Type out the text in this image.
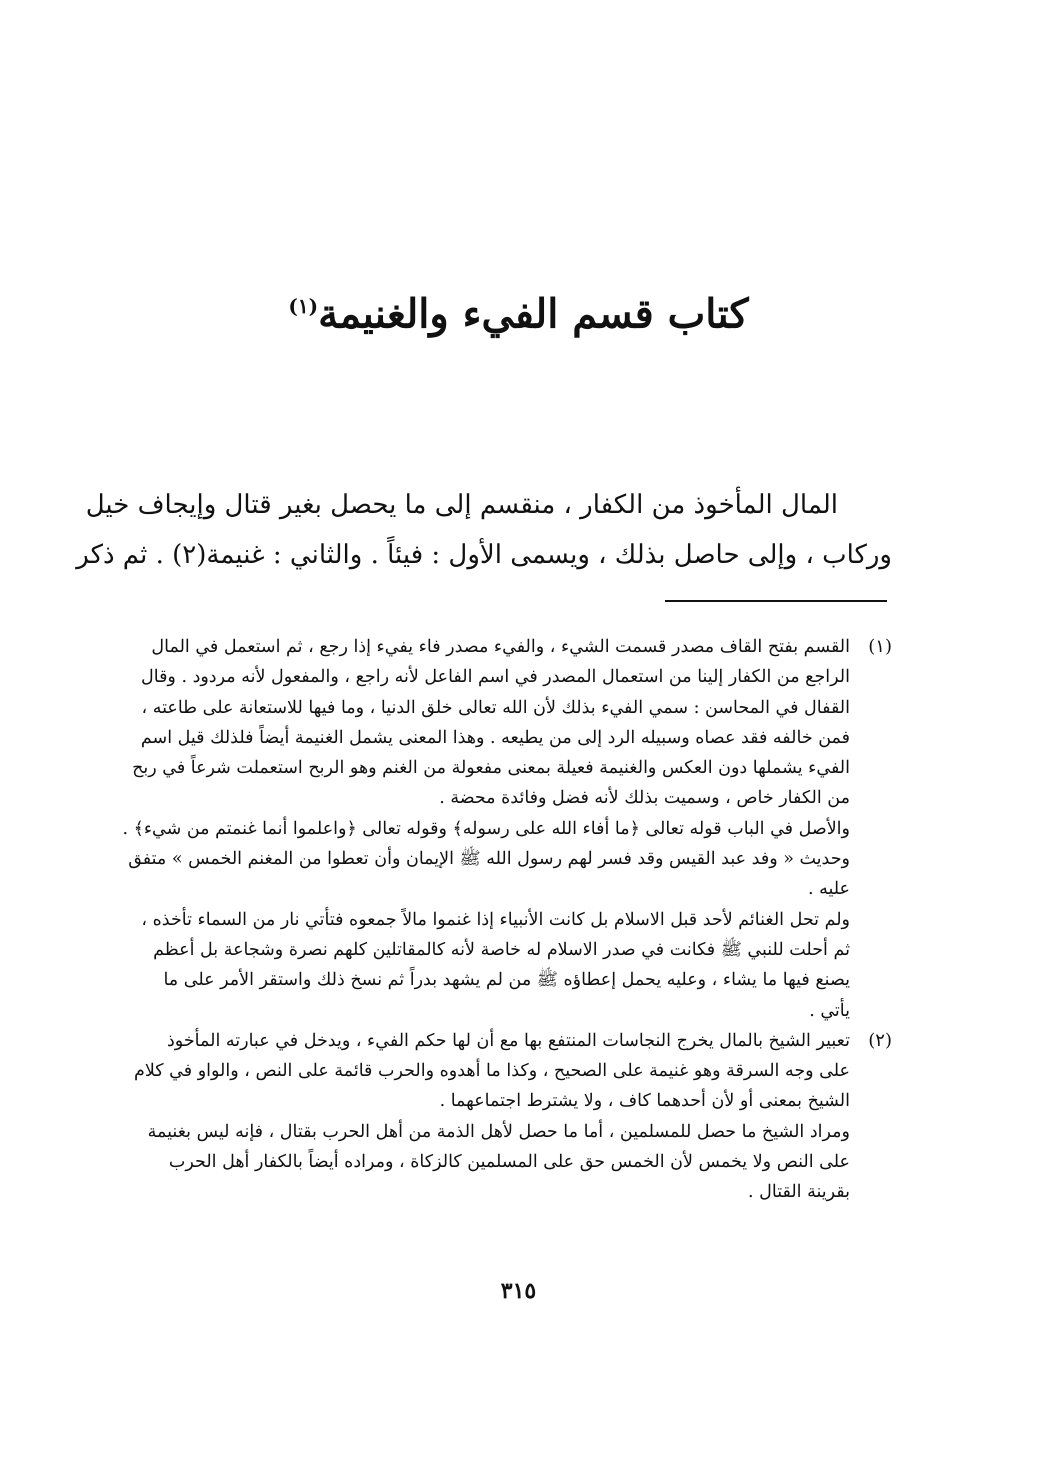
كتاب قسم الفيء والغنيمة$^{(١)}$
المال المأخوذ من الكفار ، منقسم إلى ما يحصل بغير قتال وإيجاف خيل
وركاب ، وإلى حاصل بذلك ، ويسمى الأول : فيئاً . والثاني : غنيمة(٢) . ثم ذكر
(١)
القسم بفتح القاف مصدر قسمت الشيء ، والفيء مصدر فاء يفيء إذا رجع ، ثم استعمل في المال
الراجع من الكفار إلينا من استعمال المصدر في اسم الفاعل لأنه راجع ، والمفعول لأنه مردود . وقال
القفال في المحاسن : سمي الفيء بذلك لأن الله تعالى خلق الدنيا ، وما فيها للاستعانة على طاعته ،
فمن خالفه فقد عصاه وسبيله الرد إلى من يطيعه . وهذا المعنى يشمل الغنيمة أيضاً فلذلك قيل اسم
الفيء يشملها دون العكس والغنيمة فعيلة بمعنى مفعولة من الغنم وهو الربح استعملت شرعاً في ربح
من الكفار خاص ، وسميت بذلك لأنه فضل وفائدة محضة .
والأصل في الباب قوله تعالى ﴿ما أفاء الله على رسوله﴾ وقوله تعالى ﴿واعلموا أنما غنمتم من شيء﴾ .
وحديث « وفد عبد القيس وقد فسر لهم رسول الله ﷺ الإيمان وأن تعطوا من المغنم الخمس » متفق
عليه .
ولم تحل الغنائم لأحد قبل الاسلام بل كانت الأنبياء إذا غنموا مالاً جمعوه فتأتي نار من السماء تأخذه ،
ثم أحلت للنبي ﷺ فكانت في صدر الاسلام له خاصة لأنه كالمقاتلين كلهم نصرة وشجاعة بل أعظم
يصنع فيها ما يشاء ، وعليه يحمل إعطاؤه ﷺ من لم يشهد بدراً ثم نسخ ذلك واستقر الأمر على ما
يأتي .
(٢)
تعبير الشيخ بالمال يخرج النجاسات المنتفع بها مع أن لها حكم الفيء ، ويدخل في عبارته المأخوذ
على وجه السرقة وهو غنيمة على الصحيح ، وكذا ما أهدوه والحرب قائمة على النص ، والواو في كلام
الشيخ بمعنى أو لأن أحدهما كاف ، ولا يشترط اجتماعهما .
ومراد الشيخ ما حصل للمسلمين ، أما ما حصل لأهل الذمة من أهل الحرب بقتال ، فإنه ليس بغنيمة
على النص ولا يخمس لأن الخمس حق على المسلمين كالزكاة ، ومراده أيضاً بالكفار أهل الحرب
بقرينة القتال .
٣١٥
